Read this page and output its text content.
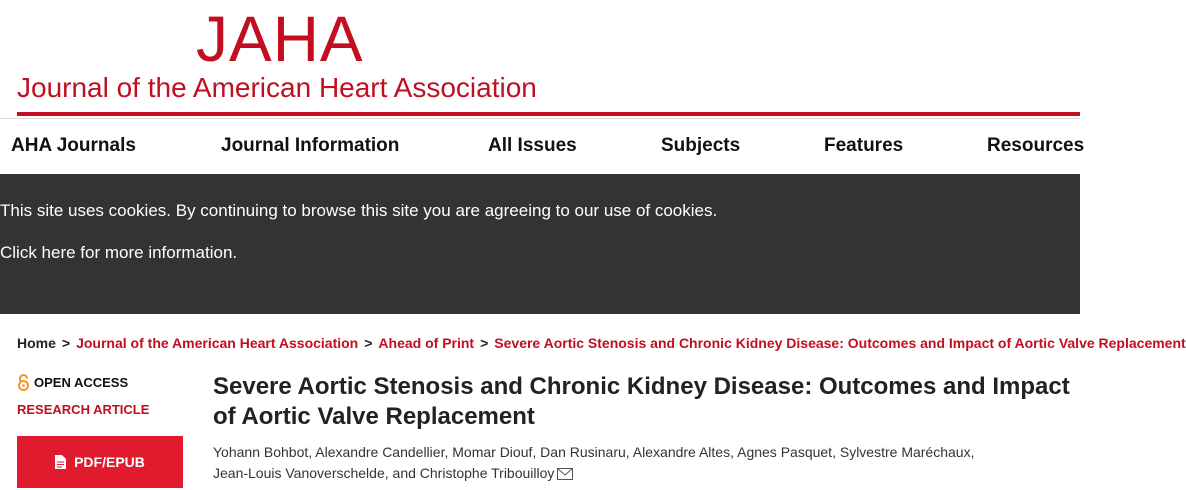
JAHA
Journal of the American Heart Association
AHA Journals	Journal Information	All Issues	Subjects	Features	Resources
This site uses cookies. By continuing to browse this site you are agreeing to our use of cookies.
Click here for more information.
Home > Journal of the American Heart Association > Ahead of Print > Severe Aortic Stenosis and Chronic Kidney Disease: Outcomes and Impact of Aortic Valve Replacement
OPEN ACCESS
RESEARCH ARTICLE
PDF/EPUB
Severe Aortic Stenosis and Chronic Kidney Disease: Outcomes and Impact of Aortic Valve Replacement
Yohann Bohbot, Alexandre Candellier, Momar Diouf, Dan Rusinaru, Alexandre Altes, Agnes Pasquet, Sylvestre Maréchaux,
Jean-Louis Vanoverschelde, and Christophe Tribouilloy
